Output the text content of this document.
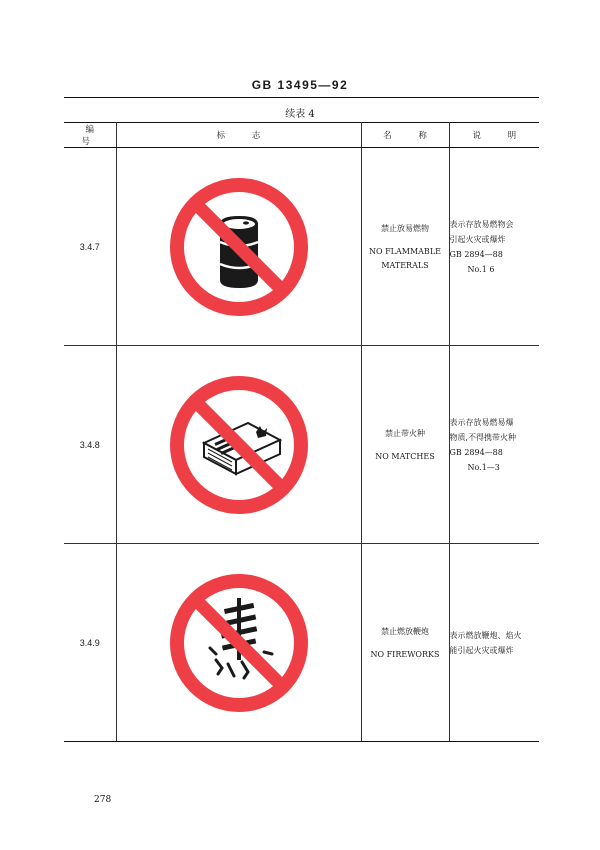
GB 13495—92
续表 4
编 号	标 志	名 称	说 明
3.4.7		禁止放易燃物
NO FLAMMABLE
MATERALS	表示存放易燃物会
引起火灾或爆炸
GB 2894—88
No.1 6

3.4.8		禁止带火种
NO MATCHES	表示存放易燃易爆
物质,不得携带火种
GB 2894—88
No.1—3

3.4.9		禁止燃放鞭炮
NO FIREWORKS	表示燃放鞭炮、焰火
能引起火灾或爆炸
278
